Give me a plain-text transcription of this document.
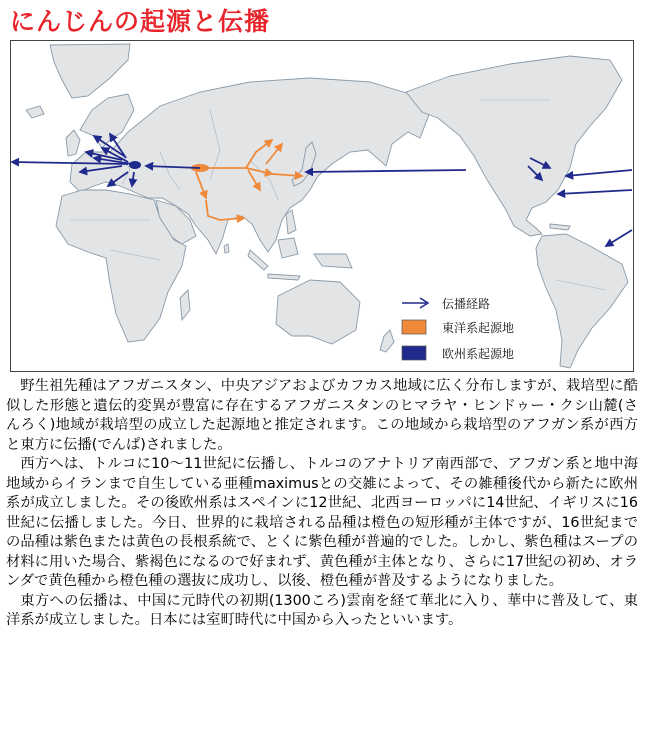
にんじんの起源と伝播
伝播経路
東洋系起源地
欧州系起源地

野生祖先種はアフガニスタン、中央アジアおよびカフカス地域に広く分布しますが、栽培型に酷似した形態と遺伝的変異が豊富に存在するアフガニスタンのヒマラヤ・ヒンドゥー・クシ山麓(さんろく)地域が栽培型の成立した起源地と推定されます。この地域から栽培型のアフガン系が西方と東方に伝播(でんぱ)されました。

西方へは、トルコに10〜11世紀に伝播し、トルコのアナトリア南西部で、アフガン系と地中海地域からイランまで自生している亜種maximusとの交雑によって、その雑種後代から新たに欧州系が成立しました。その後欧州系はスペインに12世紀、北西ヨーロッパに14世紀、イギリスに16世紀に伝播しました。今日、世界的に栽培される品種は橙色の短形種が主体ですが、16世紀までの品種は紫色または黄色の長根系統で、とくに紫色種が普遍的でした。しかし、紫色種はスープの材料に用いた場合、紫褐色になるので好まれず、黄色種が主体となり、さらに17世紀の初め、オランダで黄色種から橙色種の選抜に成功し、以後、橙色種が普及するようになりました。

東方への伝播は、中国に元時代の初期(1300ころ)雲南を経て華北に入り、華中に普及して、東洋系が成立しました。日本には室町時代に中国から入ったといいます。
